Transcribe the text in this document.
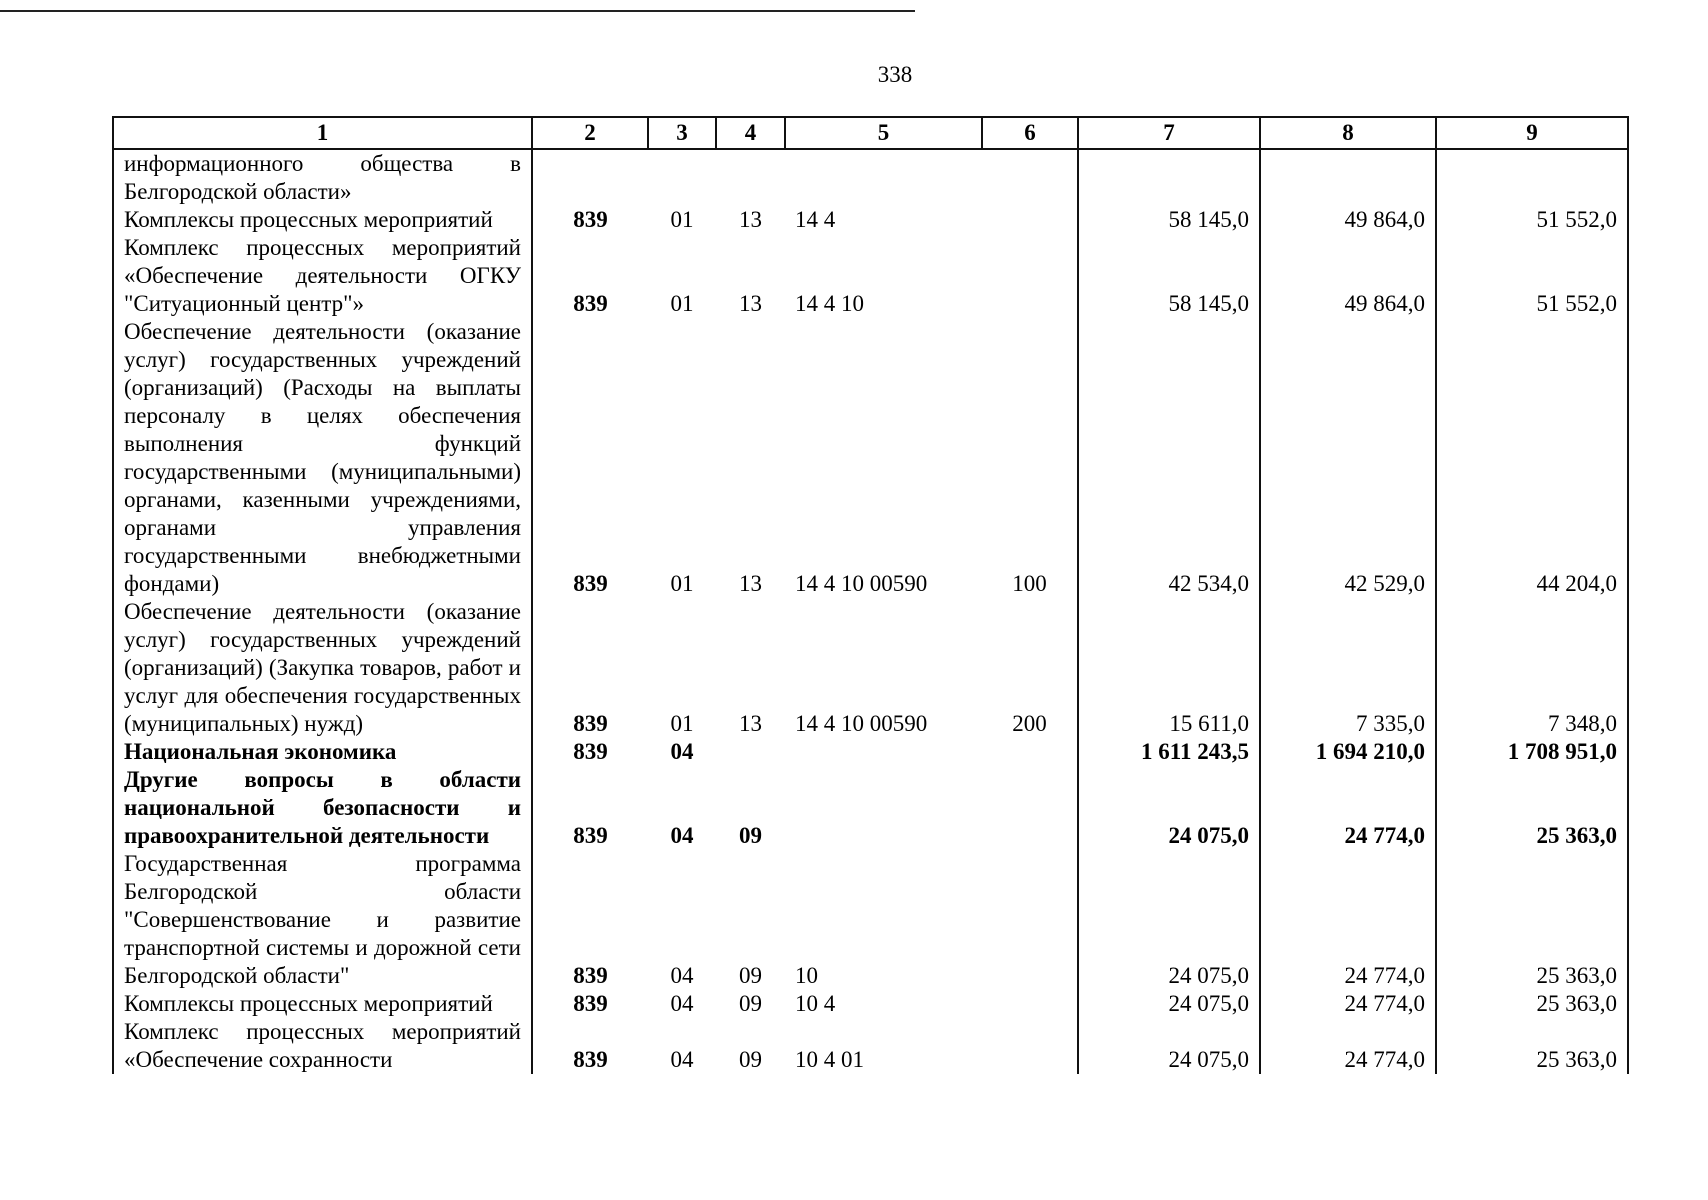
338
1	2	3	4	5	6	7	8	9
информационного общества в Белгородской области»								
Комплексы процессных мероприятий	839	01	13	14 4		58 145,0	49 864,0	51 552,0
Комплекс процессных мероприятий «Обеспечение деятельности ОГКУ "Ситуационный центр"»	839	01	13	14 4 10		58 145,0	49 864,0	51 552,0
Обеспечение деятельности (оказание услуг) государственных учреждений (организаций) (Расходы на выплаты персоналу в целях обеспечения выполнения функций государственными (муниципальными) органами, казенными учреждениями, органами управления государственными внебюджетными фондами)	839	01	13	14 4 10 00590	100	42 534,0	42 529,0	44 204,0
Обеспечение деятельности (оказание услуг) государственных учреждений (организаций) (Закупка товаров, работ и услуг для обеспечения государственных (муниципальных) нужд)	839	01	13	14 4 10 00590	200	15 611,0	7 335,0	7 348,0
Национальная экономика	839	04				1 611 243,5	1 694 210,0	1 708 951,0
Другие вопросы в области национальной безопасности и правоохранительной деятельности	839	04	09			24 075,0	24 774,0	25 363,0
Государственная программа Белгородской области "Совершенствование и развитие транспортной системы и дорожной сети Белгородской области"	839	04	09	10		24 075,0	24 774,0	25 363,0
Комплексы процессных мероприятий	839	04	09	10 4		24 075,0	24 774,0	25 363,0
Комплекс процессных мероприятий «Обеспечение сохранности	839	04	09	10 4 01		24 075,0	24 774,0	25 363,0
